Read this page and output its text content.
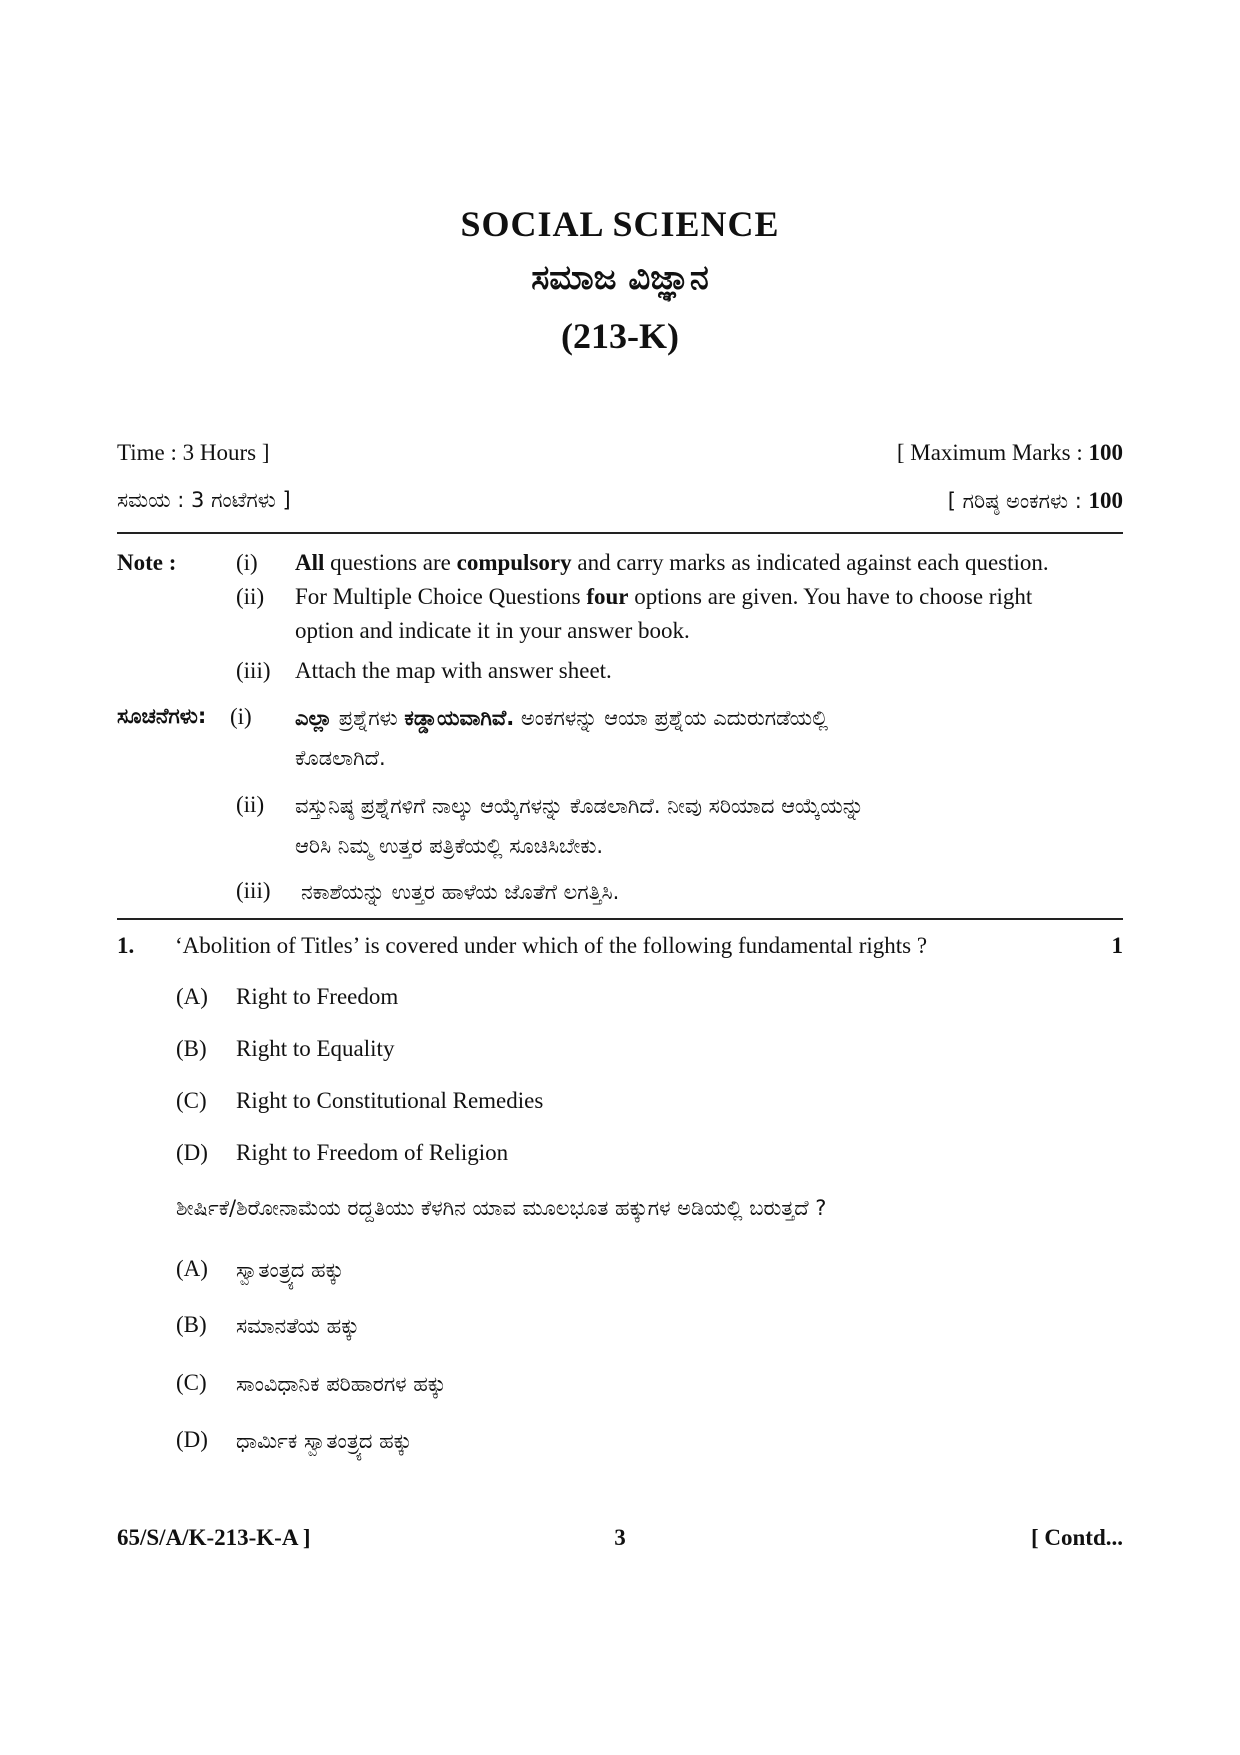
SOCIAL SCIENCE
ಸಮಾಜ ವಿಜ್ಞಾನ
(213-K)
Time : 3 Hours ]	[ Maximum Marks : 100
ಸಮಯ : 3 ಗಂಟೆಗಳು ]	[ ಗರಿಷ್ಠ ಅಂಕಗಳು : 100
Note :	(i) All questions are compulsory and carry marks as indicated against each question.
(ii) For Multiple Choice Questions four options are given. You have to choose right
option and indicate it in your answer book.
(iii) Attach the map with answer sheet.
ಸೂಚನೆಗಳು: (i) ಎಲ್ಲಾ ಪ್ರಶ್ನೆಗಳು ಕಡ್ಡಾಯವಾಗಿವೆ. ಅಂಕಗಳನ್ನು ಆಯಾ ಪ್ರಶ್ನೆಯ ಎದುರುಗಡೆಯಲ್ಲಿ
ಕೊಡಲಾಗಿದೆ.
(ii) ವಸ್ತುನಿಷ್ಠ ಪ್ರಶ್ನೆಗಳಿಗೆ ನಾಲ್ಕು ಆಯ್ಕೆಗಳನ್ನು ಕೊಡಲಾಗಿದೆ. ನೀವು ಸರಿಯಾದ ಆಯ್ಕೆಯನ್ನು
ಆರಿಸಿ ನಿಮ್ಮ ಉತ್ತರ ಪತ್ರಿಕೆಯಲ್ಲಿ ಸೂಚಿಸಿಬೇಕು.
(iii) ನಕಾಶೆಯನ್ನು ಉತ್ತರ ಹಾಳೆಯ ಜೊತೆಗೆ ಲಗತ್ತಿಸಿ.
1. ‘Abolition of Titles’ is covered under which of the following fundamental rights ?	1
(A) Right to Freedom
(B) Right to Equality
(C) Right to Constitutional Remedies
(D) Right to Freedom of Religion
ಶೀರ್ಷಿಕೆ/ಶಿರೋನಾಮೆಯ ರದ್ದತಿಯು ಕೆಳಗಿನ ಯಾವ ಮೂಲಭೂತ ಹಕ್ಕುಗಳ ಅಡಿಯಲ್ಲಿ ಬರುತ್ತದೆ ?
(A) ಸ್ವಾತಂತ್ರ್ಯದ ಹಕ್ಕು
(B) ಸಮಾನತೆಯ ಹಕ್ಕು
(C) ಸಾಂವಿಧಾನಿಕ ಪರಿಹಾರಗಳ ಹಕ್ಕು
(D) ಧಾರ್ಮಿಕ ಸ್ವಾತಂತ್ರ್ಯದ ಹಕ್ಕು
65/S/A/K-213-K-A ]	3	[ Contd...
